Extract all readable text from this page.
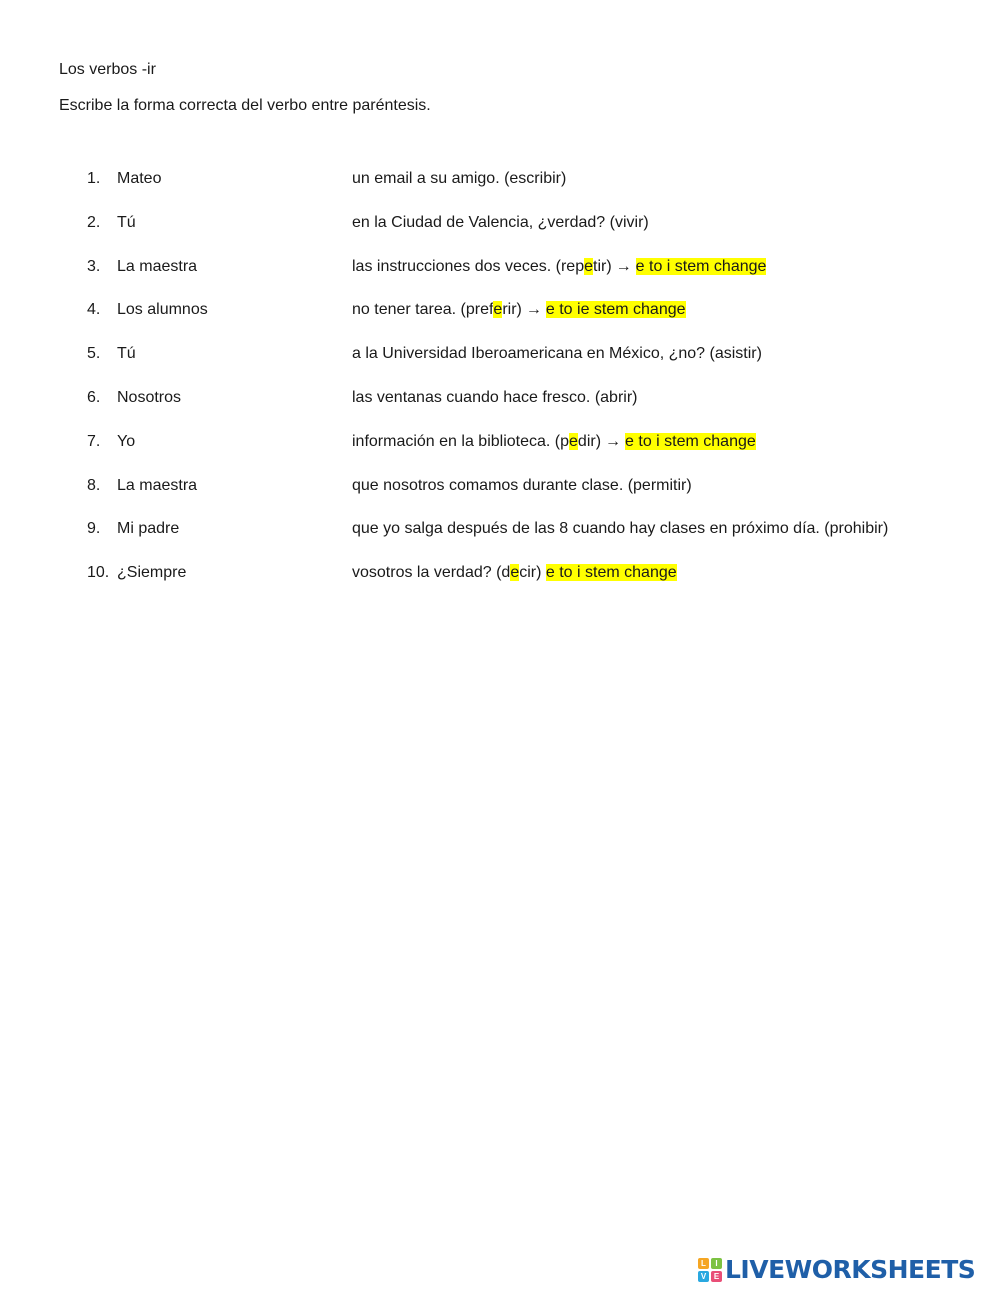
Los verbos -ir
Escribe la forma correcta del verbo entre paréntesis.
1. Mateo	un email a su amigo. (escribir)
2. Tú	en la Ciudad de Valencia, ¿verdad? (vivir)
3. La maestra	las instrucciones dos veces. (repetir) → e to i stem change
4. Los alumnos	no tener tarea. (preferir) → e to ie stem change
5. Tú	a la Universidad Iberoamericana en México, ¿no? (asistir)
6. Nosotros	las ventanas cuando hace fresco. (abrir)
7. Yo	información en la biblioteca. (pedir) → e to i stem change
8. La maestra	que nosotros comamos durante clase. (permitir)
9. Mi padre	que yo salga después de las 8 cuando hay clases en próximo día. (prohibir)
10. ¿Siempre	vosotros la verdad? (decir) e to i stem change
L	I
V E LIVEWORKSHEETS
